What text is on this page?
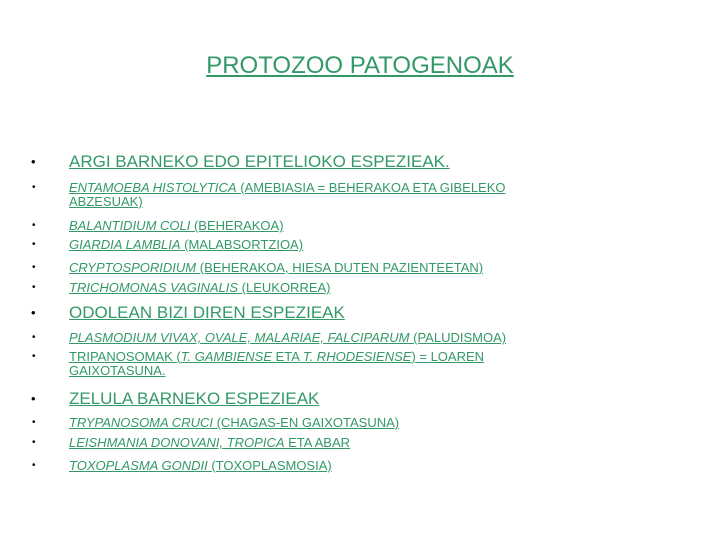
PROTOZOO PATOGENOAK
• ARGI BARNEKO EDO EPITELIOKO ESPEZIEAK.
•	ENTAMOEBA HISTOLYTICA (AMEBIASIA = BEHERAKOA ETA GIBELEKO
ABZESUAK)
•	BALANTIDIUM COLI (BEHERAKOA)
•	GIARDIA LAMBLIA (MALABSORTZIOA)
•	CRYPTOSPORIDIUM (BEHERAKOA, HIESA DUTEN PAZIENTEETAN)
•	TRICHOMONAS VAGINALIS (LEUKORREA)
• ODOLEAN BIZI DIREN ESPEZIEAK
•	PLASMODIUM VIVAX, OVALE, MALARIAE, FALCIPARUM (PALUDISMOA)
•	TRIPANOSOMAK (T. GAMBIENSE ETA T. RHODESIENSE) = LOAREN
GAIXOTASUNA.
• ZELULA BARNEKO ESPEZIEAK
•	TRYPANOSOMA CRUCI (CHAGAS-EN GAIXOTASUNA)
•	LEISHMANIA DONOVANI, TROPICA ETA ABAR
•	TOXOPLASMA GONDII (TOXOPLASMOSIA)
